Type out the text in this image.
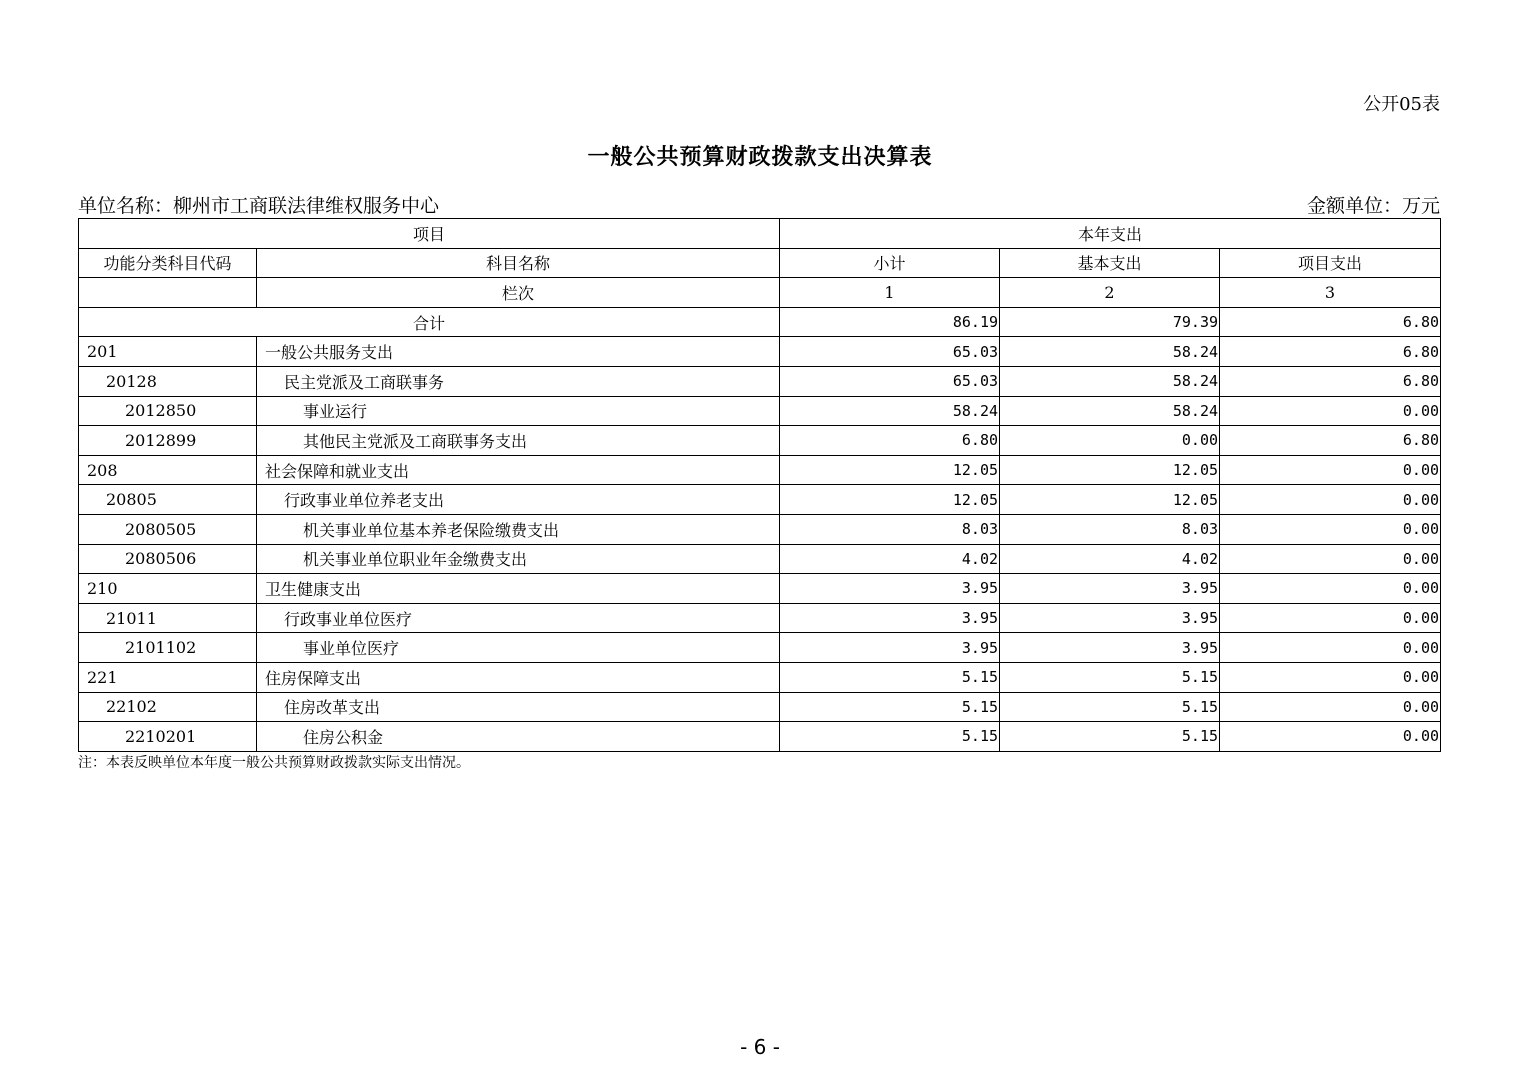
公开05表
一般公共预算财政拨款支出决算表
单位名称：柳州市工商联法律维权服务中心	金额单位：万元
项目		本年支出		
功能分类科目代码	科目名称	小计	基本支出	项目支出
	栏次	1	2	3
合计		86.19	79.39	6.80
201	一般公共服务支出	65.03	58.24	6.80
20128	民主党派及工商联事务	65.03	58.24	6.80
2012850	事业运行	58.24	58.24	0.00
2012899	其他民主党派及工商联事务支出	6.80	0.00	6.80
208	社会保障和就业支出	12.05	12.05	0.00
20805	行政事业单位养老支出	12.05	12.05	0.00
2080505	机关事业单位基本养老保险缴费支出	8.03	8.03	0.00
2080506	机关事业单位职业年金缴费支出	4.02	4.02	0.00
210	卫生健康支出	3.95	3.95	0.00
21011	行政事业单位医疗	3.95	3.95	0.00
2101102	事业单位医疗	3.95	3.95	0.00
221	住房保障支出	5.15	5.15	0.00
22102	住房改革支出	5.15	5.15	0.00
2210201	住房公积金	5.15	5.15	0.00
注：本表反映单位本年度一般公共预算财政拨款实际支出情况。
- 6 -
